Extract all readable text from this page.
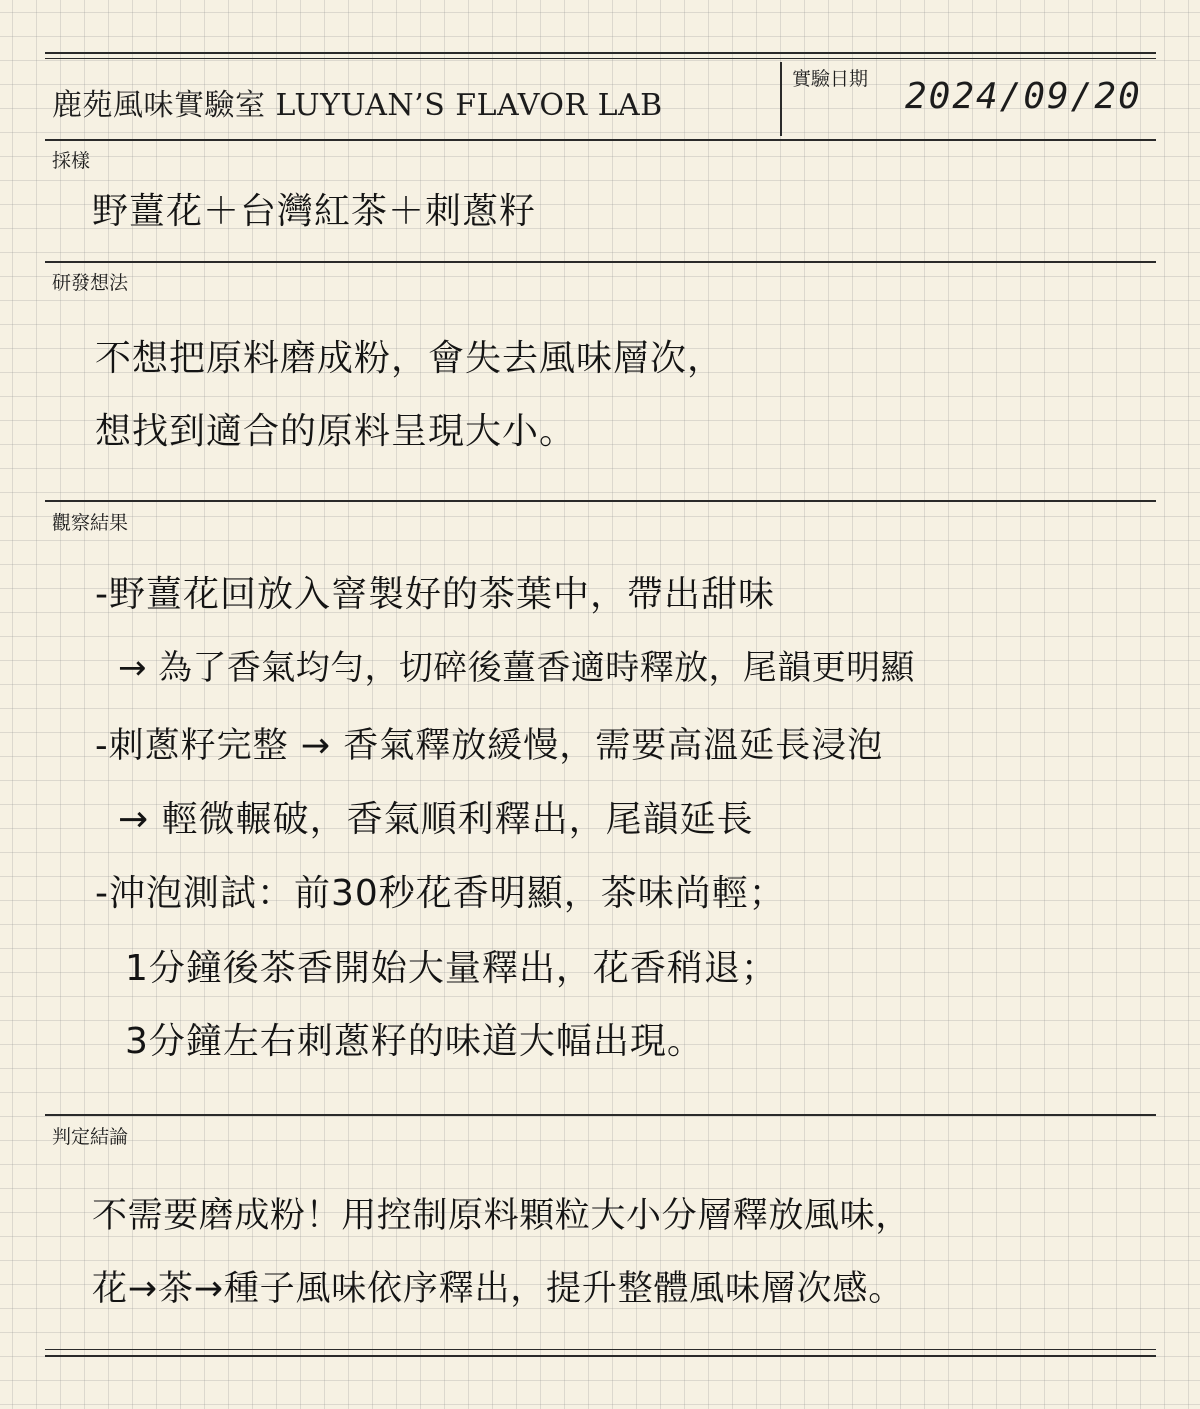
鹿苑風味實驗室 LUYUAN’S FLAVOR LAB
實驗日期 2024/09/20
採樣
野薑花＋台灣紅茶＋刺蔥籽
研發想法
不想把原料磨成粉，會失去風味層次，
想找到適合的原料呈現大小。
觀察結果
-野薑花回放入窨製好的茶葉中，帶出甜味
→ 為了香氣均勻，切碎後薑香適時釋放，尾韻更明顯
-刺蔥籽完整 → 香氣釋放緩慢，需要高溫延長浸泡
→ 輕微輾破，香氣順利釋出，尾韻延長
-沖泡測試：前30秒花香明顯，茶味尚輕；
1分鐘後茶香開始大量釋出，花香稍退；
3分鐘左右刺蔥籽的味道大幅出現。
判定結論
不需要磨成粉！用控制原料顆粒大小分層釋放風味，
花→茶→種子風味依序釋出，提升整體風味層次感。
